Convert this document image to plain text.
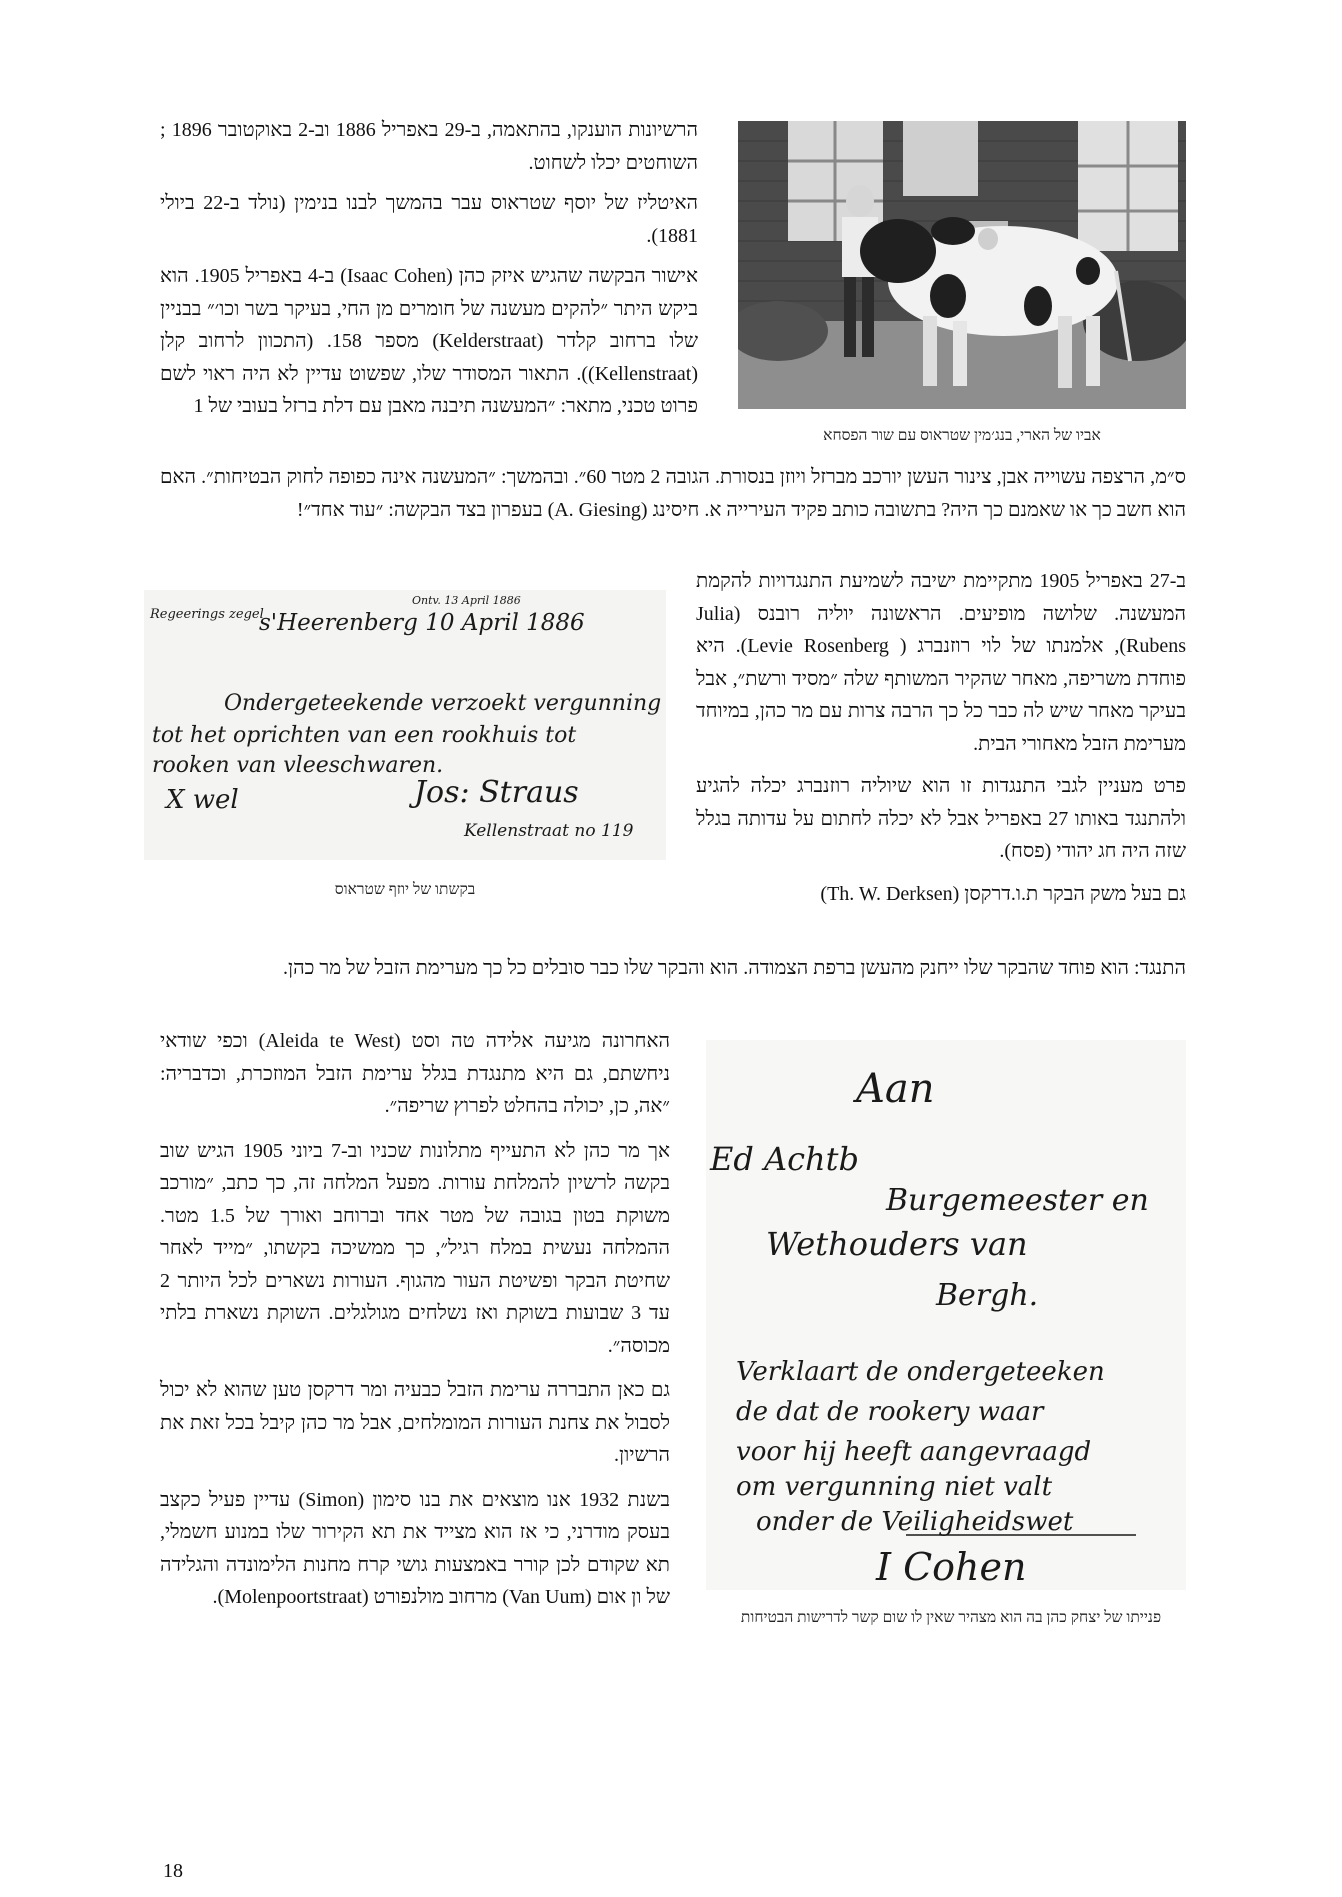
הרשיונות הוענקו, בהתאמה, ב-29 באפריל 1886 וב-2 באוקטובר 1896 ; השוחטים יכלו לשחוט.

האיטליז של יוסף שטראוס עבר בהמשך לבנו בנימין (נולד ב-22 ביולי 1881).

אישור הבקשה שהגיש איזק כהן (Isaac Cohen) ב-4 באפריל 1905. הוא ביקש היתר ״להקים מעשנה של חומרים מן החי, בעיקר בשר וכו׳״ בבניין שלו ברחוב קלדר (Kelderstraat) מספר 158. (התכוון לרחוב קלן (Kellenstraat)). התאור המסודר שלו, שפשוט עדיין לא היה ראוי לשם פרוט טכני, מתאר: ״המעשנה תיבנה מאבן עם דלת ברזל בעובי של 1

אביו של הארי, בנג׳מין שטראוס עם שור הפסחא
ס״מ, הרצפה עשוייה אבן, צינור העשן יורכב מברזל ויוזן בנסורת. הגובה 2 מטר 60״. ובהמשך: ״המעשנה אינה כפופה לחוק הבטיחות״. האם הוא חשב כך או שאמנם כך היה? בתשובה כותב פקיד העירייה א. חיסינג (A. Giesing) בעפרון בצד הבקשה: ״עוד אחד״!
Regeerings zegel
Ontv. 13 April 1886
s'Heerenberg 10 April 1886
Ondergeteekende verzoekt vergunning
tot het oprichten van een rookhuis tot
rooken van vleeschwaren.
X wel	Jos: Straus
Kellenstraat no 119
בקשתו של יוזף שטראוס

ב-27 באפריל 1905 מתקיימת ישיבה לשמיעת התנגדויות להקמת המעשנה. שלושה מופיעים. הראשונה יוליה רובנס (Julia Rubens), אלמנתו של לוי רוזנברג ( Levie Rosenberg). היא פוחדת משריפה, מאחר שהקיר המשותף שלה ״מסיד ורשת״, אבל בעיקר מאחר שיש לה כבר כל כך הרבה צרות עם מר כהן, במיוחד מערימת הזבל מאחורי הבית.

פרט מעניין לגבי התנגדות זו הוא שיוליה רוזנברג יכלה להגיע ולהתנגד באותו 27 באפריל אבל לא יכלה לחתום על עדותה בגלל שזה היה חג יהודי (פסח).

גם בעל משק הבקר ת.ו.דרקסן (Th. W. Derksen)

התנגד: הוא פוחד שהבקר שלו ייחנק מהעשן ברפת הצמודה. הוא והבקר שלו כבר סובלים כל כך מערימת הזבל של מר כהן.

האחרונה מגיעה אלידה טה וסט (Aleida te West) וכפי שודאי ניחשתם, גם היא מתנגדת בגלל ערימת הזבל המוזכרת, וכדבריה: ״אה, כן, יכולה בהחלט לפרוץ שריפה״.

אך מר כהן לא התעייף מתלונות שכניו וב-7 ביוני 1905 הגיש שוב בקשה לרשיון להמלחת עורות. מפעל המלחה זה, כך כתב, ״מורכב משוקת בטון בגובה של מטר אחד וברוחב ואורך של 1.5 מטר. ההמלחה נעשית במלח רגיל״, כך ממשיכה בקשתו, ״מייד לאחר שחיטת הבקר ופשיטת העור מהגוף. העורות נשארים לכל היותר 2 עד 3 שבועות בשוקת ואז נשלחים מגולגלים. השוקת נשארת בלתי מכוסה״.

גם כאן התבררה ערימת הזבל כבעיה ומר דרקסן טען שהוא לא יכול לסבול את צחנת העורות המומלחים, אבל מר כהן קיבל בכל זאת את הרשיון.

בשנת 1932 אנו מוצאים את בנו סימון (Simon) עדיין פעיל כקצב בעסק מודרני, כי אז הוא מצייד את תא הקירור שלו במנוע חשמלי, תא שקודם לכן קורר באמצעות גושי קרח מחנות הלימונדה והגלידה של ון אום (Van Uum) מרחוב מולנפורט (Molenpoortstraat).

Aan
Ed Achtb
Burgemeester en
Wethouders van
Bergh.
Verklaart de ondergeteeken
de dat de rookery waar
voor hij heeft aangevraagd
om vergunning niet valt
onder de Veiligheidswet
I Cohen
פנייתו של יצחק כהן בה הוא מצהיר שאין לו שום קשר לדרישות הבטיחות
18
